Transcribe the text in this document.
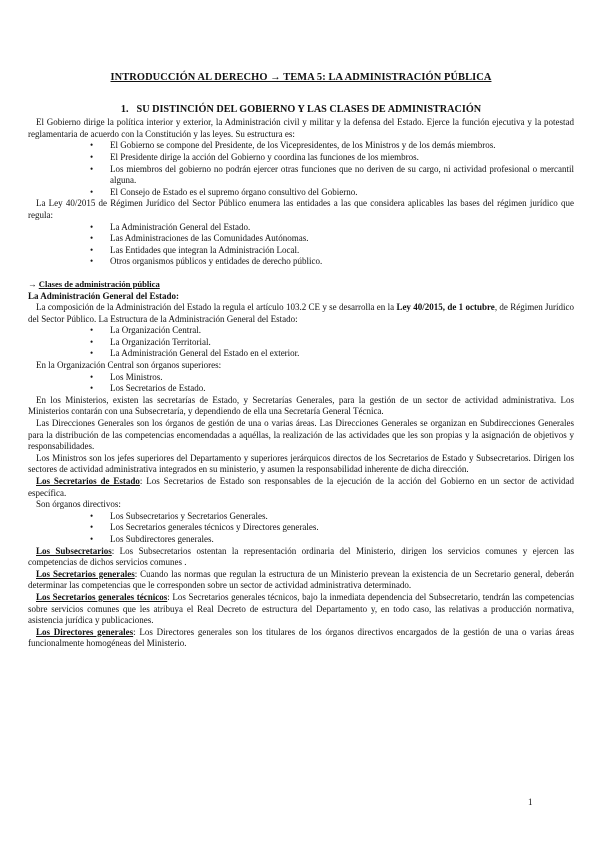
INTRODUCCIÓN AL DERECHO → TEMA 5: LA ADMINISTRACIÓN PÚBLICA
1. SU DISTINCIÓN DEL GOBIERNO Y LAS CLASES DE ADMINISTRACIÓN

El Gobierno dirige la política interior y exterior, la Administración civil y militar y la defensa del Estado. Ejerce la función ejecutiva y la potestad reglamentaria de acuerdo con la Constitución y las leyes. Su estructura es:

• El Gobierno se compone del Presidente, de los Vicepresidentes, de los Ministros y de los demás miembros.
• El Presidente dirige la acción del Gobierno y coordina las funciones de los miembros.
• Los miembros del gobierno no podrán ejercer otras funciones que no deriven de su cargo, ni actividad profesional o mercantil alguna.
• El Consejo de Estado es el supremo órgano consultivo del Gobierno.

La Ley 40/2015 de Régimen Jurídico del Sector Público enumera las entidades a las que considera aplicables las bases del régimen jurídico que regula:

• La Administración General del Estado.
• Las Administraciones de las Comunidades Autónomas.
• Las Entidades que integran la Administración Local.
• Otros organismos públicos y entidades de derecho público.
→ Clases de administración pública
La Administración General del Estado:

La composición de la Administración del Estado la regula el artículo 103.2 CE y se desarrolla en la Ley 40/2015, de 1 octubre, de Régimen Jurídico del Sector Público. La Estructura de la Administración General del Estado:

• La Organización Central.
• La Organización Territorial.
• La Administración General del Estado en el exterior.

En la Organización Central son órganos superiores:

• Los Ministros.
• Los Secretarios de Estado.

En los Ministerios, existen las secretarías de Estado, y Secretarías Generales, para la gestión de un sector de actividad administrativa. Los Ministerios contarán con una Subsecretaría, y dependiendo de ella una Secretaría General Técnica.

Las Direcciones Generales son los órganos de gestión de una o varias áreas. Las Direcciones Generales se organizan en Subdirecciones Generales para la distribución de las competencias encomendadas a aquéllas, la realización de las actividades que les son propias y la asignación de objetivos y responsabilidades.

Los Ministros son los jefes superiores del Departamento y superiores jerárquicos directos de los Secretarios de Estado y Subsecretarios. Dirigen los sectores de actividad administrativa integrados en su ministerio, y asumen la responsabilidad inherente de dicha dirección.

Los Secretarios de Estado: Los Secretarios de Estado son responsables de la ejecución de la acción del Gobierno en un sector de actividad específica.

Son órganos directivos:

• Los Subsecretarios y Secretarios Generales.
• Los Secretarios generales técnicos y Directores generales.
• Los Subdirectores generales.

Los Subsecretarios: Los Subsecretarios ostentan la representación ordinaria del Ministerio, dirigen los servicios comunes y ejercen las competencias de dichos servicios comunes .

Los Secretarios generales: Cuando las normas que regulan la estructura de un Ministerio prevean la existencia de un Secretario general, deberán determinar las competencias que le corresponden sobre un sector de actividad administrativa determinado.

Los Secretarios generales técnicos: Los Secretarios generales técnicos, bajo la inmediata dependencia del Subsecretario, tendrán las competencias sobre servicios comunes que les atribuya el Real Decreto de estructura del Departamento y, en todo caso, las relativas a producción normativa, asistencia jurídica y publicaciones.

Los Directores generales: Los Directores generales son los titulares de los órganos directivos encargados de la gestión de una o varias áreas funcionalmente homogéneas del Ministerio.

1
